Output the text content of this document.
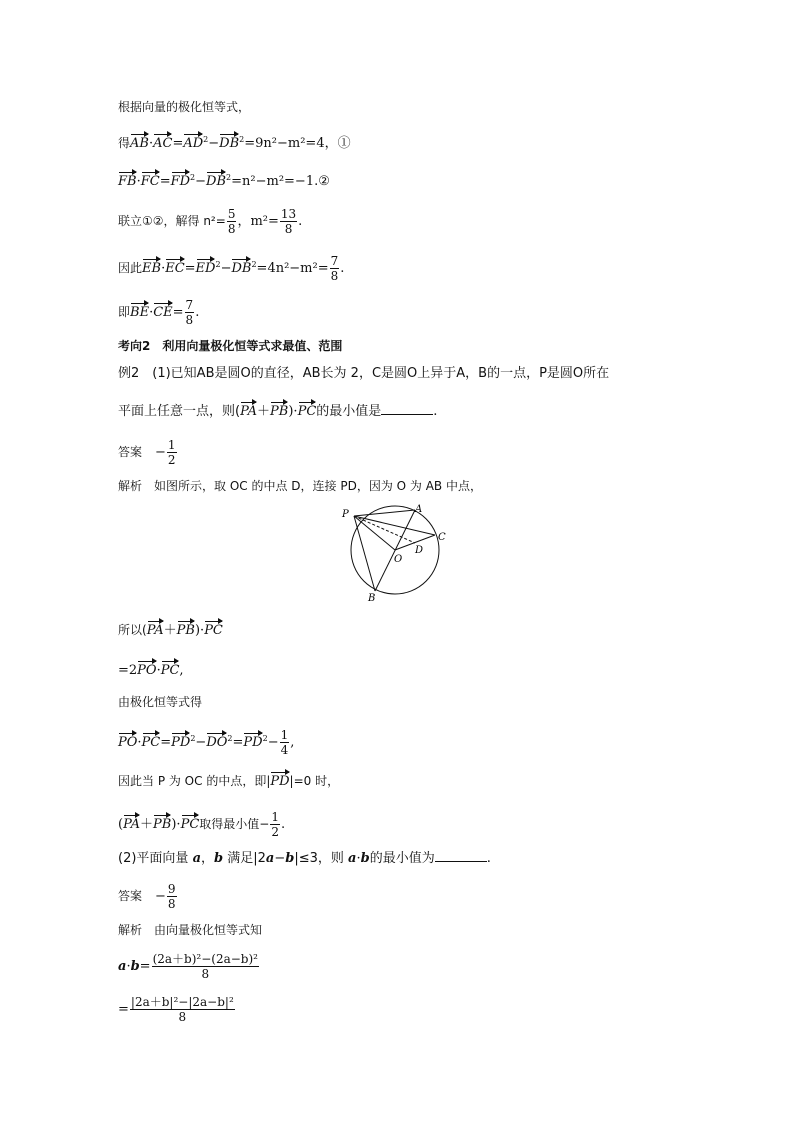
根据向量的极化恒等式，
得$AB\cdot AC=AD^2-DB^2=9n^2-m^2=4$，①
$FB\cdot FC=FD^2-DB^2=n^2-m^2=-1.②$
联立①②，解得 $n^2= \frac{5}{8}$ ，$m^2= \frac{13}{8}$ .
因此$EB\cdot EC=ED^2-DB^2=4n^2-m^2= \frac{7}{8}$ .
即$BE\cdot CE= \frac{7}{8}$ .
考向2　利用向量极化恒等式求最值、范围
例2　(1)已知AB是圆O的直径，AB长为 2，C是圆O上异于A，B的一点，P是圆O所在
平面上任意一点，则(PA＋PB)·PC的最小值是	.
答案　− $\frac{1}{2}$
解析　 如图所示，取 OC 的中点 D，连接 PD，因为 O 为 AB 中点，
P	A
C
D
O
B
所以(PA＋PB)·PC
=2PO·PC,
由极化恒等式得
$PO\cdot PC=PD^2-DO^2=PD^2- \frac{1}{4}$ ,
因此当 P 为 OC 的中点，即|PD|=0 时，
(PA＋PB)·PC取得最小值− $\frac{1}{2}$ .
(2)平面向量 a，b 满足|2a−b|≤3，则 a·b的最小值为	.
答案　− $\frac{9}{8}$
解析　 由向量极化恒等式知
$a\cdot b= \frac{\text{(2a＋b)²−(2a−b)²}}{8}$
= $\frac{\text{|2a＋b|²−|2a−b|²}}{8}$
